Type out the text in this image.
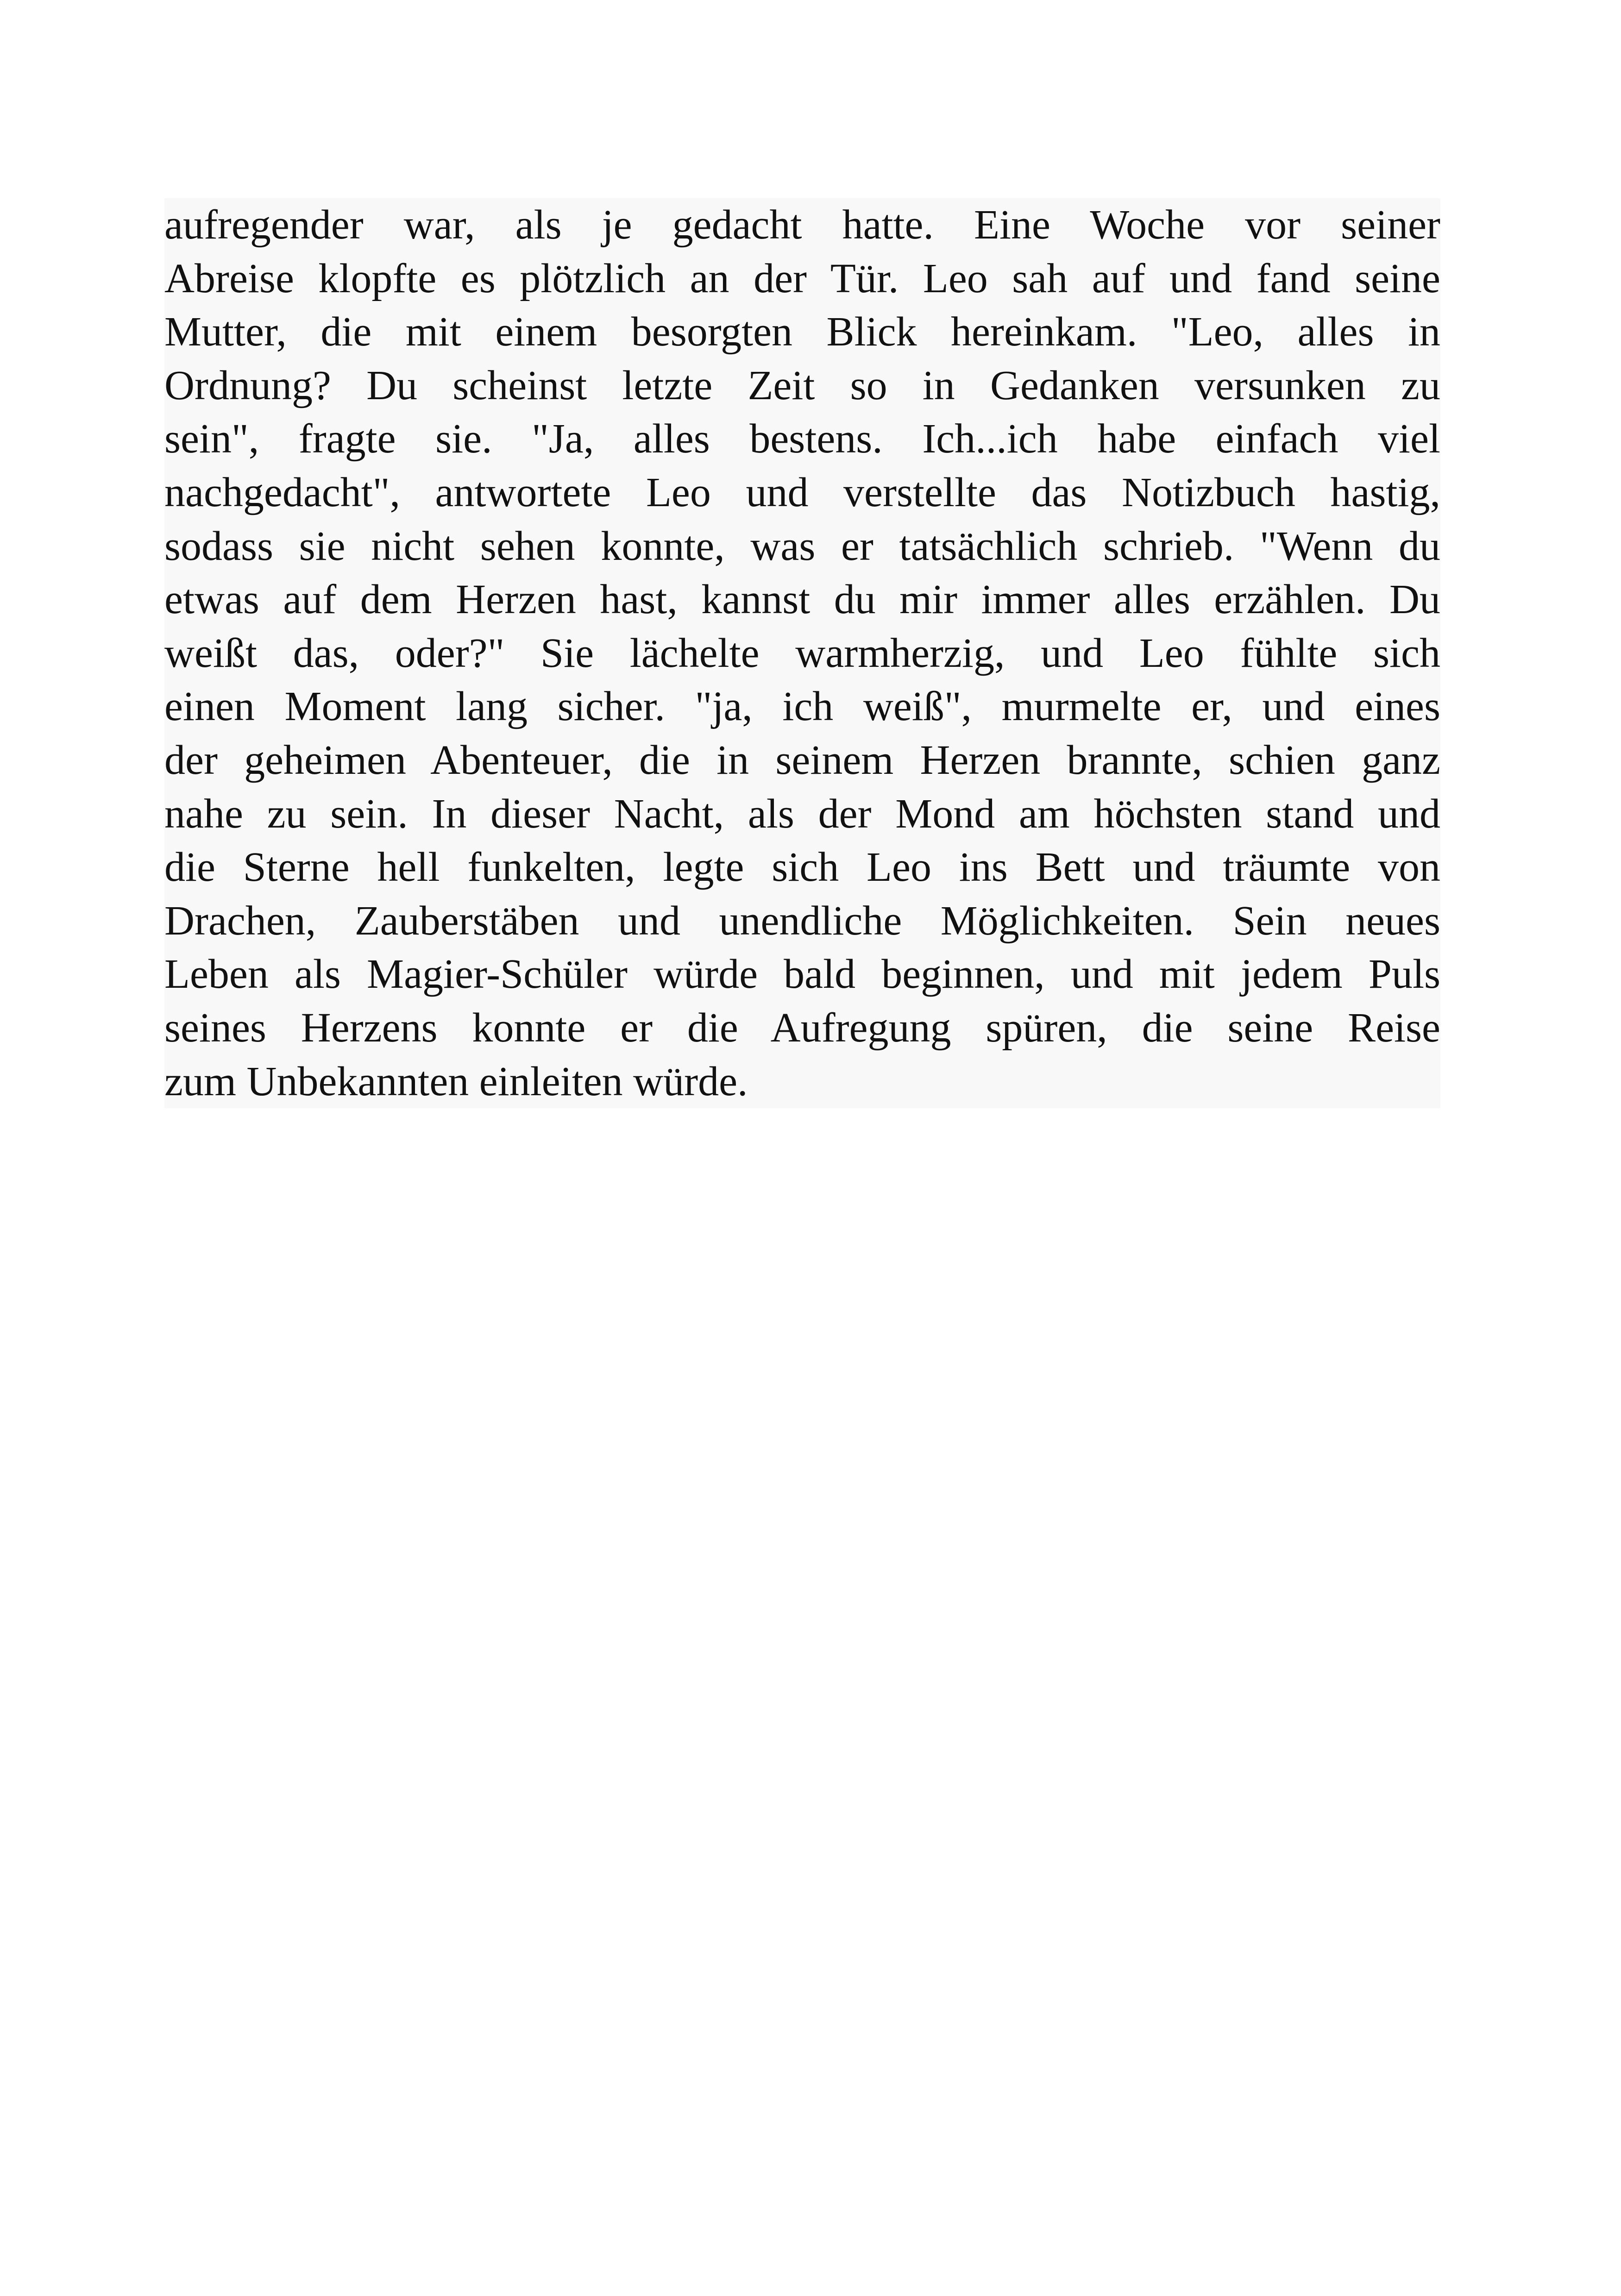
aufregender war, als je gedacht hatte. Eine Woche vor seiner
Abreise klopfte es plötzlich an der Tür. Leo sah auf und fand seine
Mutter, die mit einem besorgten Blick hereinkam. "Leo, alles in
Ordnung? Du scheinst letzte Zeit so in Gedanken versunken zu
sein", fragte sie. "Ja, alles bestens. Ich...ich habe einfach viel
nachgedacht", antwortete Leo und verstellte das Notizbuch hastig,
sodass sie nicht sehen konnte, was er tatsächlich schrieb. "Wenn du
etwas auf dem Herzen hast, kannst du mir immer alles erzählen. Du
weißt das, oder?" Sie lächelte warmherzig, und Leo fühlte sich
einen Moment lang sicher. "ja, ich weiß", murmelte er, und eines
der geheimen Abenteuer, die in seinem Herzen brannte, schien ganz
nahe zu sein. In dieser Nacht, als der Mond am höchsten stand und
die Sterne hell funkelten, legte sich Leo ins Bett und träumte von
Drachen, Zauberstäben und unendliche Möglichkeiten. Sein neues
Leben als Magier-Schüler würde bald beginnen, und mit jedem Puls
seines Herzens konnte er die Aufregung spüren, die seine Reise
zum Unbekannten einleiten würde.
